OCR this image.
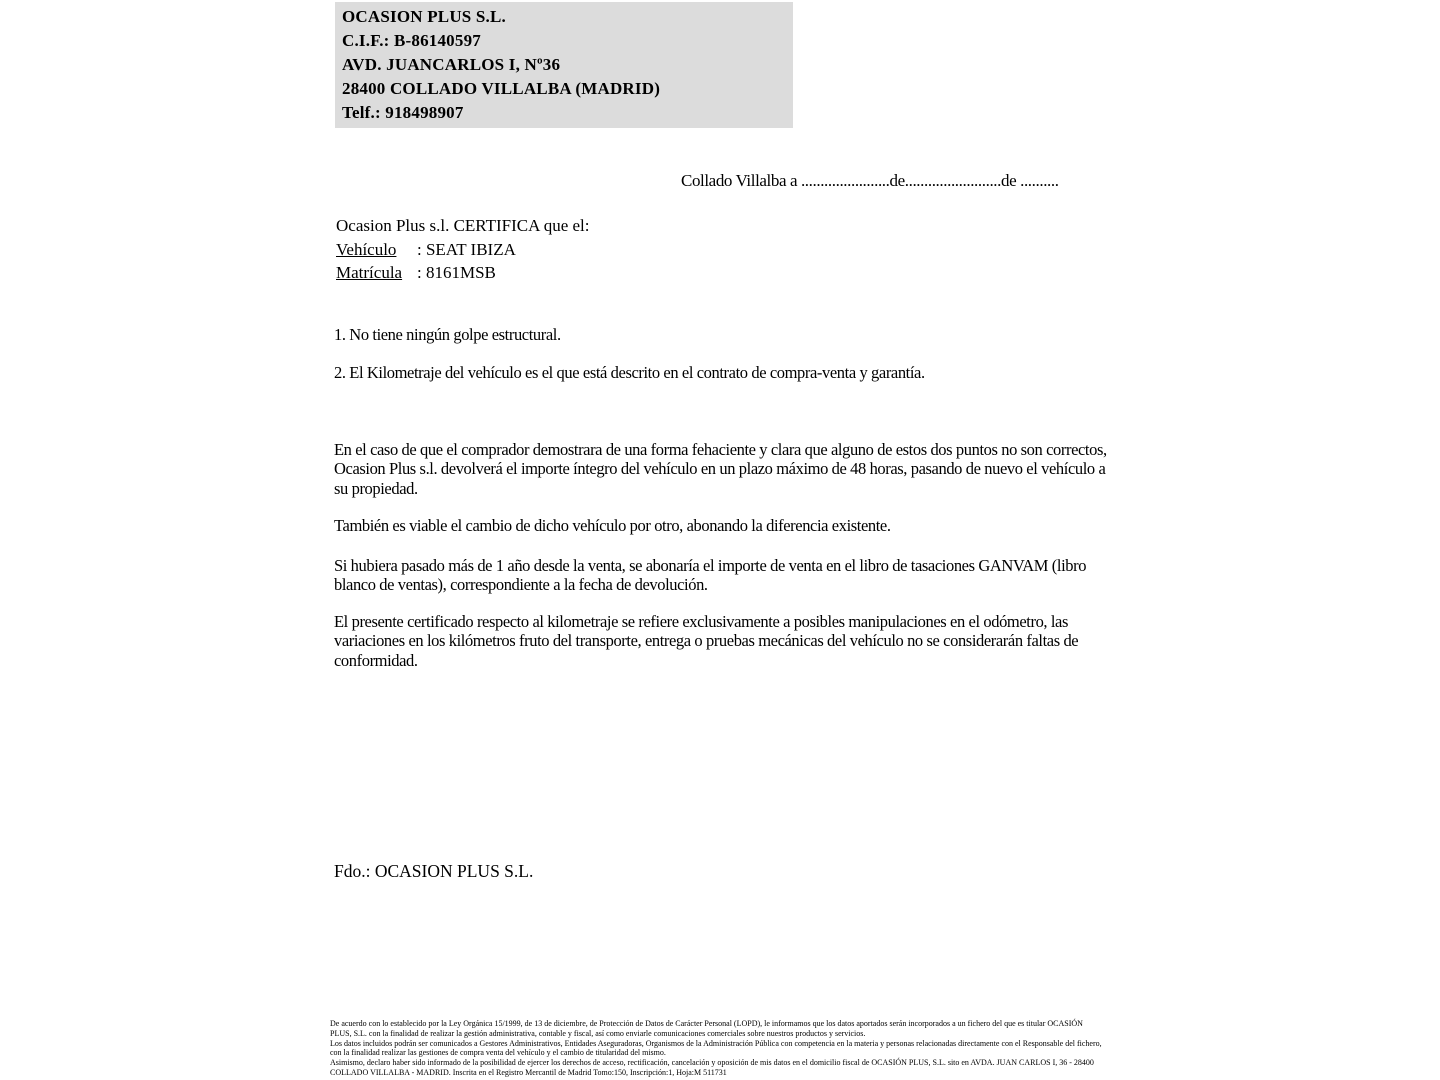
OCASION PLUS S.L.
C.I.F.: B-86140597
AVD. JUANCARLOS I, Nº36
28400 COLLADO VILLALBA (MADRID)
Telf.: 918498907
Collado Villalba a .......................de.........................de ..........
Ocasion Plus s.l. CERTIFICA que el:
Vehículo : SEAT IBIZA
Matrícula : 8161MSB
1. No tiene ningún golpe estructural.
2. El Kilometraje del vehículo es el que está descrito en el contrato de compra-venta y garantía.
En el caso de que el comprador demostrara de una forma fehaciente y clara que alguno de estos dos puntos no son correctos, Ocasion Plus s.l. devolverá el importe íntegro del vehículo en un plazo máximo de 48 horas, pasando de nuevo el vehículo a su propiedad.
También es viable el cambio de dicho vehículo por otro, abonando la diferencia existente.
Si hubiera pasado más de 1 año desde la venta, se abonaría el importe de venta en el libro de tasaciones GANVAM (libro blanco de ventas), correspondiente a la fecha de devolución.
El presente certificado respecto al kilometraje se refiere exclusivamente a posibles manipulaciones en el odómetro, las variaciones en los kilómetros fruto del transporte, entrega o pruebas mecánicas del vehículo no se considerarán faltas de conformidad.
Fdo.: OCASION PLUS S.L.
De acuerdo con lo establecido por la Ley Orgánica 15/1999, de 13 de diciembre, de Protección de Datos de Carácter Personal (LOPD), le informamos que los datos aportados serán incorporados a un fichero del que es titular OCASIÓN PLUS, S.L. con la finalidad de realizar la gestión administrativa, contable y fiscal, así como enviarle comunicaciones comerciales sobre nuestros productos y servicios.
Los datos incluidos podrán ser comunicados a Gestores Administrativos, Entidades Aseguradoras, Organismos de la Administración Pública con competencia en la materia y personas relacionadas directamente con el Responsable del fichero, con la finalidad realizar las gestiones de compra venta del vehículo y el cambio de titularidad del mismo.
Asimismo, declaro haber sido informado de la posibilidad de ejercer los derechos de acceso, rectificación, cancelación y oposición de mis datos en el domicilio fiscal de OCASIÓN PLUS, S.L. sito en AVDA. JUAN CARLOS I, 36 - 28400 COLLADO VILLALBA - MADRID. Inscrita en el Registro Mercantil de Madrid Tomo:150, Inscripción:1, Hoja:M 511731
